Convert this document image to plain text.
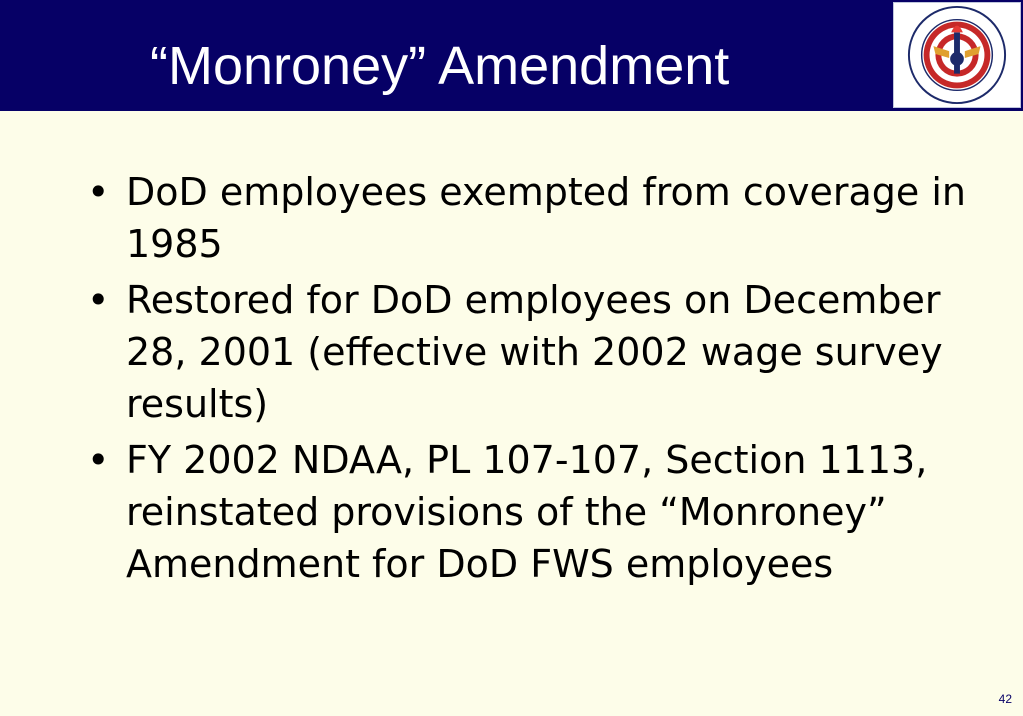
“Monroney” Amendment
• DoD employees exempted from coverage in 1985
• Restored for DoD employees on December 28, 2001 (effective with 2002 wage survey results)
• FY 2002 NDAA, PL 107-107, Section 1113, reinstated provisions of the “Monroney” Amendment for DoD FWS employees

42
